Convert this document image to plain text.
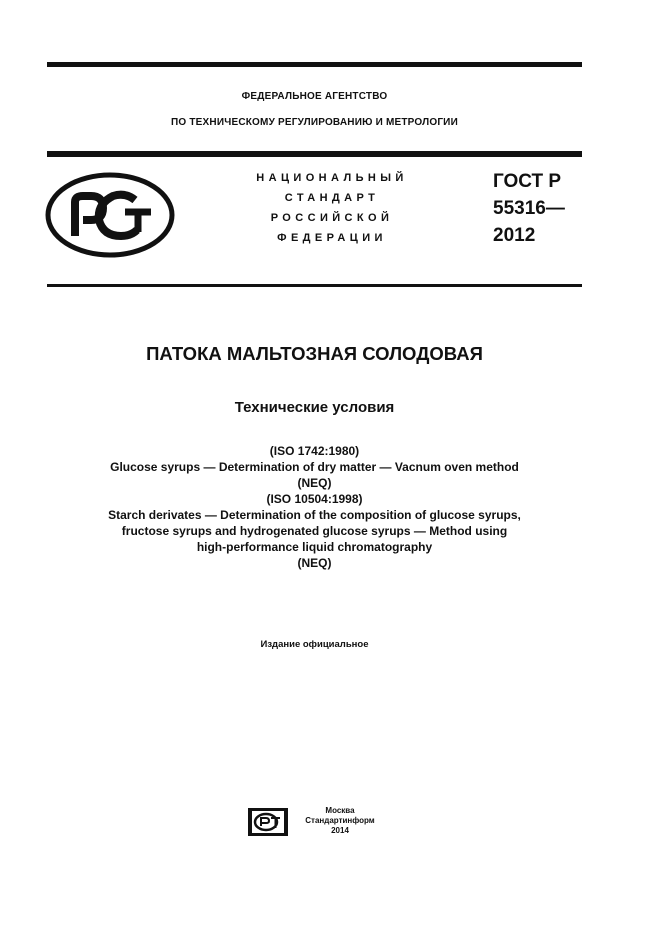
ФЕДЕРАЛЬНОЕ АГЕНТСТВО
ПО ТЕХНИЧЕСКОМУ РЕГУЛИРОВАНИЮ И МЕТРОЛОГИИ
НАЦИОНАЛЬНЫЙ
СТАНДАРТ
РОССИЙСКОЙ
ФЕДЕРАЦИИ
ГОСТ Р
55316—
2012
ПАТОКА МАЛЬТОЗНАЯ СОЛОДОВАЯ
Технические условия
(ISO 1742:1980)
Glucose syrups — Determination of dry matter — Vacnum oven method
(NEQ)
(ISO 10504:1998)
Starch derivates — Determination of the composition of glucose syrups,
fructose syrups and hydrogenated glucose syrups — Method using
high-performance liquid chromatography
(NEQ)
Издание официальное
Москва
Стандартинформ
2014
